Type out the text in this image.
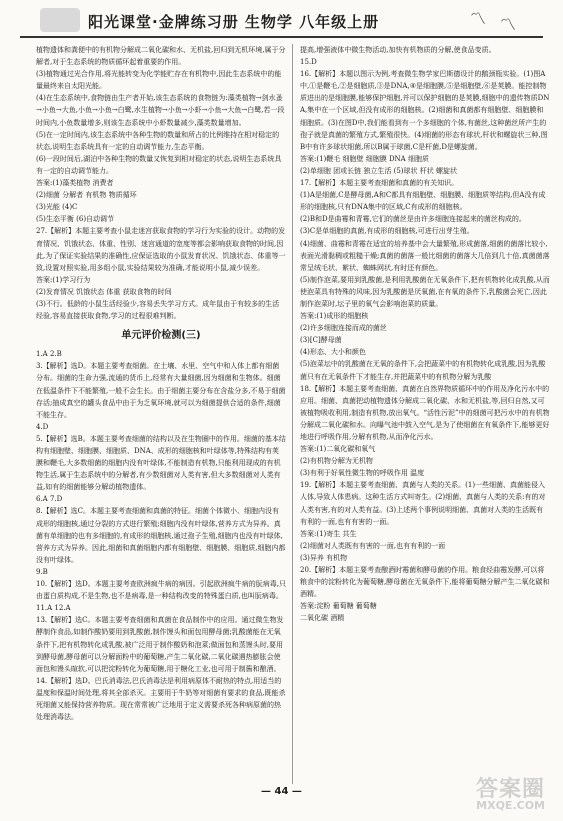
阳光课堂·金牌练习册 生物学 八年级上册	〽 〽
植物遗体和粪便中的有机物分解成二氧化碳和水、无机盐,回归到无机环境,属于分解者,对于生态系统的物质循环起着重要的作用。
(3)植物通过光合作用,将光能转变为化学能贮存在有机物中,因此生态系统中的能量最终来自太阳光能。
(4)在生态系统中,食物链由生产者开始,该生态系统的食物链为:藻类植物→剑水蚤→小鱼→大鱼,小鱼→小鱼→白鹭,水生植物→小鱼→小虾→小鱼→大鱼→白鹭,若一段时间内,小鱼数量增多,则该生态系统中小虾数量减少,藻类数量增加。
(5)在一定时间内,该生态系统中各种生物的数量和所占的比例维持在相对稳定的状态,说明生态系统具有一定的自动调节能力,生态平衡。
(6)一段时间后,湖泊中各种生物的数量又恢复到相对稳定的状态,说明生态系统具有一定的自动调节能力。
答案:(1)藻类植物 消费者
(2)细菌 分解者 有机物 物质循环
(3)光能 (4)C
(5)生态平衡 (6)自动调节
27.【解析】本题主要考查小鼠走迷宫获取食物的学习行为实验的设计。动物的发育情况、饥饿状态、体重、性别、迷宫通道的宽度等都会影响获取食物的时间,因此,为了保证实验结果的准确性,应保证选取的小鼠发育状况、饥饿状态、体重等一致,设置对照实验,用多组小鼠,实验结果较为准确,才能说明小鼠,减少误差。
答案:(1)学习行为
(2)发育情况 饥饿状态 体重 获取食物的时间
(3)不行。低龄的小鼠生活经验少,容易丢失学习方式。成年鼠由于有较多的生活经验,容易直接获取食物,学习的过程很难判断。
单元评价检测(三)
1.A 2.B
3.【解析】选D。本题主要考查细菌。在土壤、水里、空气中和人体上都有细菌分布。细菌的生命力强,流通的货币上,经常有大量细菌,因为细菌和生物体。细菌在低温条件下不能繁殖,一般不会生长。由于细菌主要分布在含盐分多,不易于细菌存活;抽成真空的罐头食品中由于为乏氧环境,就可以为细菌提供合适的条件,细菌不能生存。
4.D
5.【解析】选B。本题主要考查细菌的结构以及在生物圈中的作用。细菌的基本结构有细胞壁、细胞膜、细胞质、DNA、成形的细胞核和叶绿体等,特殊结构有荚膜和鞭毛,大多数细菌的细胞内没有叶绿体,不能制造有机物,只能利用现成的有机物生活,属于生态系统中的分解者,有少数细菌对人类有害,但大多数细菌对人类有益,如有的细菌能够分解动植物遗体。
6.A 7.D
8.【解析】选C。本题主要考查细菌和真菌的特征。细菌个体微小、细胞内没有成形的细胞核,通过分裂的方式进行繁殖;细胞内没有叶绿体,营养方式为异养。真菌有单细胞的也有多细胞的,有成形的细胞核,通过孢子生殖,细胞内也没有叶绿体,营养方式为异养。因此,细菌和真菌细胞内都有细胞壁、细胞膜、细胞质,细胞内都没有叶绿体。
9.B
10.【解析】选D。本题主要考查欧洲疯牛病的病因。引起欧洲疯牛病的朊病毒,只由蛋白质构成,不是生物,也不是病毒,是一种结构改变的特殊蛋白质,也叫朊病毒。
11.A 12.A
13.【解析】选C。本题主要考查细菌和真菌在食品制作中的应用。通过微生物发酵制作食品,如制作酸奶要用到乳酸菌,制作馒头和面包用酵母菌;乳酸菌能在无氧条件下,把有机物转化成乳酸,被广泛用于制作酸奶和泡菜;做面包和蒸馒头时,要用到酵母菌,酵母菌可以分解面粉中的葡萄糖,产生二氧化碳,二氧化碳遇热膨胀会使面包和馒头暄软,可以把淀粉转化为葡萄糖,用于糖化工业,也可用于制酱和酿酒。
14.【解析】选D。巴氏消毒法,巴氏消毒法是利用病原体不耐热的特点,用适当的温度和保温时间处理,将其全部杀灭。主要用于牛奶等对细菌有要求的食品,既能杀死细菌又能保持营养物质。现在常常被广泛地用于定义需要杀死各种病原菌的热处理消毒法。
提高,增强液体中微生物活动,加快有机物质的分解,使食品变质。
15.D
16.【解析】本题以图示为例,考查微生物学家巴斯德设计的鹅颈瓶实验。(1)图A中,①是鞭毛,②是细胞质,③是DNA,④是细胞膜,⑤是细胞壁,⑥是荚膜。能控制物质进出的是细胞膜,能够保护细胞,并可以保护细胞的是荚膜,细胞中的遗传物质DNA,集中在一个区域,但没有成形的细胞核。(2)细菌和真菌都有细胞壁、细胞膜和细胞质。(3)在图D中,我们能看到有一个多细胞的个体,有菌丝,这种菌丝所产生的孢子就是真菌的繁殖方式,繁殖很快。(4)细菌的形态有球状,杆状和螺旋状三种,图B中有许多球状细菌,所以B属于球菌,C是杆菌,D是螺旋菌。
答案:(1)鞭毛 细胞壁 细胞膜 DNA 细胞质
(2)单细胞 团或长链 独立生活 (5)球状 杆状 螺旋状
17.【解析】本题主要考查细菌和真菌的有关知识。
(1)A是细菌,C是酵母菌,A和C都具有细胞壁、细胞膜、细胞质等结构,但A没有成形的细胞核,只有DNA集中的区域,C有成形的细胞核。
(2)B和D是曲霉和青霉,它们的菌丝是由许多细胞连接起来的菌丝构成的。
(3)C是单细胞的真菌,有成形的细胞核,可进行出芽生殖。
(4)细菌、曲霉和青霉在适宜的培养基中会大量繁殖,形成菌落,细菌的菌落比较小,表面光滑黏稠或粗糙干燥;真菌的菌落一般比细菌的菌落大几倍到几十倍,真菌菌落常呈绒毛状、絮状、蜘蛛网状,有时还有颜色。
(5)制作泡菜,要用到乳酸菌,是利用乳酸菌在无氧条件下,把有机物转化成乳酸,从而使泡菜具有特殊的风味,因为乳酸菌是厌氧菌,在有氧的条件下,乳酸菌会死亡,因此制作泡菜时,坛子里的氧气会影响泡菜的质量。
答案:(1)成形的细胞核
(2)许多细胞连接而成的菌丝
(3)[C]酵母菌
(4)形态、大小和颜色
(5)泡菜坛中的乳酸菌在无氧的条件下,会把蔬菜中的有机物转化成乳酸,因为乳酸菌只有在无氧条件下才能生存,并把蔬菜中的有机物分解为乳酸
18.【解析】本题主要考查细菌、真菌在自然界物质循环中的作用及净化污水中的应用。细菌、真菌把动植物遗体分解成二氧化碳、水和无机盐,等,回归自然,又可被植物吸收利用,制造有机物,放出氧气。“活性污泥”中的细菌可把污水中的有机物分解成二氧化碳和水。向曝气池中鼓入空气,是为了使细菌在有氧条件下,能够更好地进行呼吸作用,分解有机物,从而净化污水。
答案:(1)二氧化碳和氧气
(2)有机物分解为无机物
(3)有利于好氧性微生物的呼吸作用 温度
19.【解析】本题主要考查细菌、真菌与人类的关系。(1)一些细菌、真菌能侵入人体,导致人体患病。这种生活方式叫寄生。(2)细菌、真菌与人类的关系:有的对人类有害,有的对人类有益。(3)上述两个事例说明细菌、真菌对人类的生活既有有利的一面,也有有害的一面。
答案:(1)寄生 共生
(2)细菌对人类既有有害的一面,也有有利的一面
(3)异养 有机物
20.【解析】本题主要考查酿酒时霉菌和酵母菌的作用。粮食经曲霉发酵,可以将粮食中的淀粉转化为葡萄糖,酵母菌在无氧条件下,能将葡萄糖分解产生二氧化碳和酒精。
答案:淀粉 葡萄糖 葡萄糖
二氧化碳 酒精
— 44 —	答案圈
MXQE.COM
